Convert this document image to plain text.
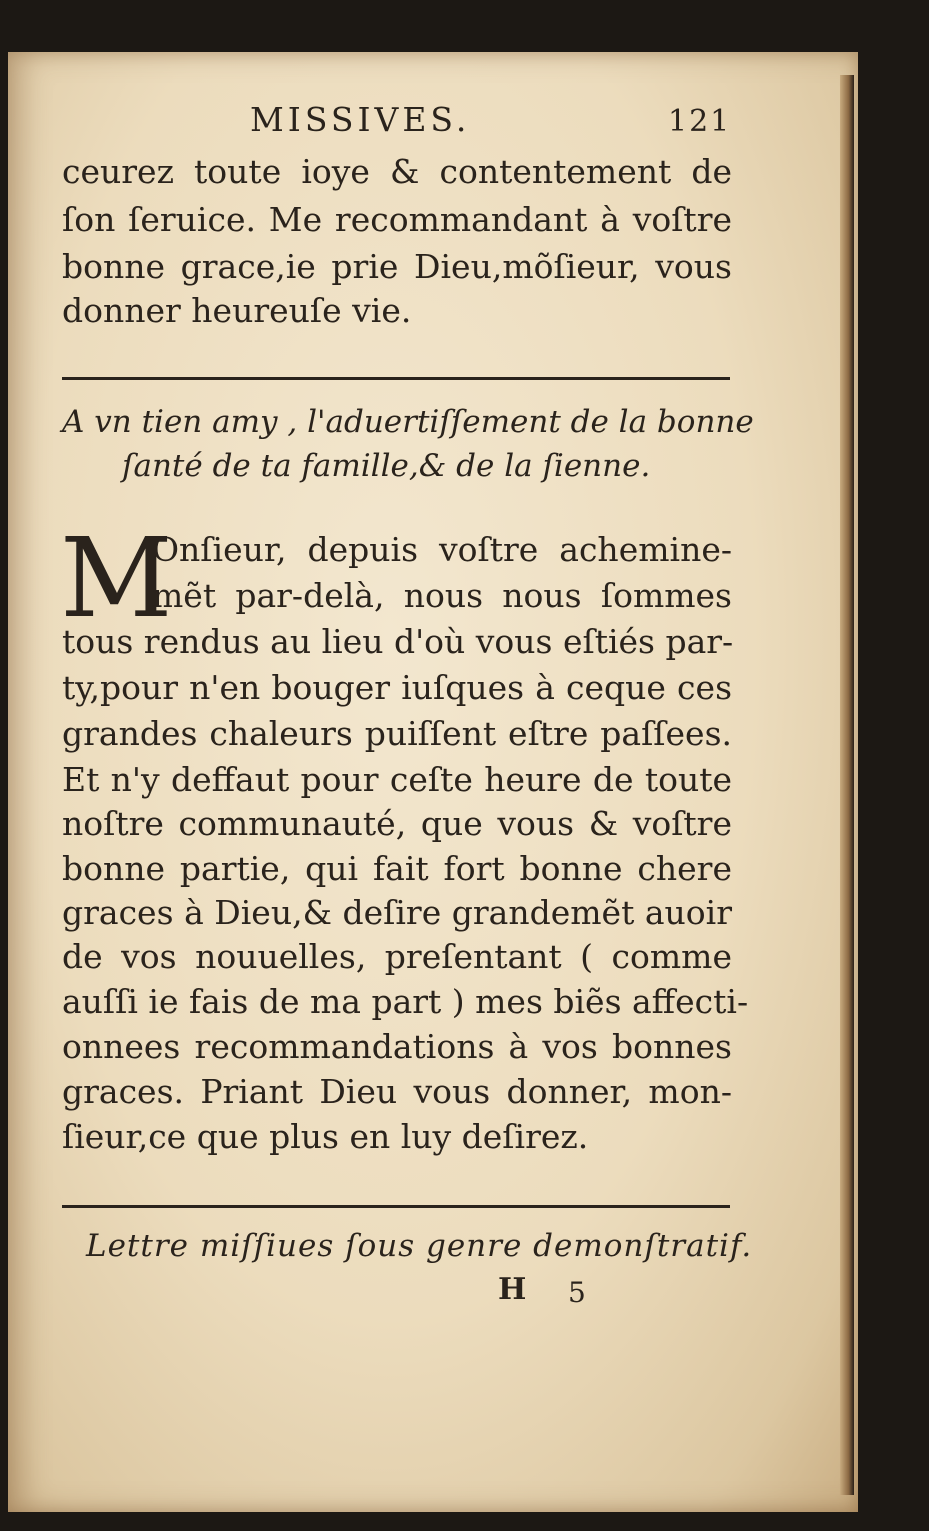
MISSIVES.	121
ceurez toute ioye & contentement de
ſon ſeruice. Me recommandant à voſtre
bonne grace,ie prie Dieu,mõſieur, vous
donner heureuſe vie.
A vn tien amy , l'aduertiſſement de la bonne
ſanté de ta famille,& de la ſienne.
M
Onſieur, depuis voſtre achemine-
mẽt par-delà, nous nous ſommes
tous rendus au lieu d'où vous eſtiés par-
ty,pour n'en bouger iuſques à ceque ces
grandes chaleurs puiſſent eſtre paſſees.
Et n'y deffaut pour ceſte heure de toute
noſtre communauté, que vous & voſtre
bonne partie, qui fait fort bonne chere
graces à Dieu,& deſire grandemẽt auoir
de vos nouuelles, preſentant ( comme
auſſi ie fais de ma part ) mes biẽs affecti-
onnees recommandations à vos bonnes
graces. Priant Dieu vous donner, mon-
ſieur,ce que plus en luy deſirez.
Lettre miſſiues ſous genre demonſtratif.
H 5
